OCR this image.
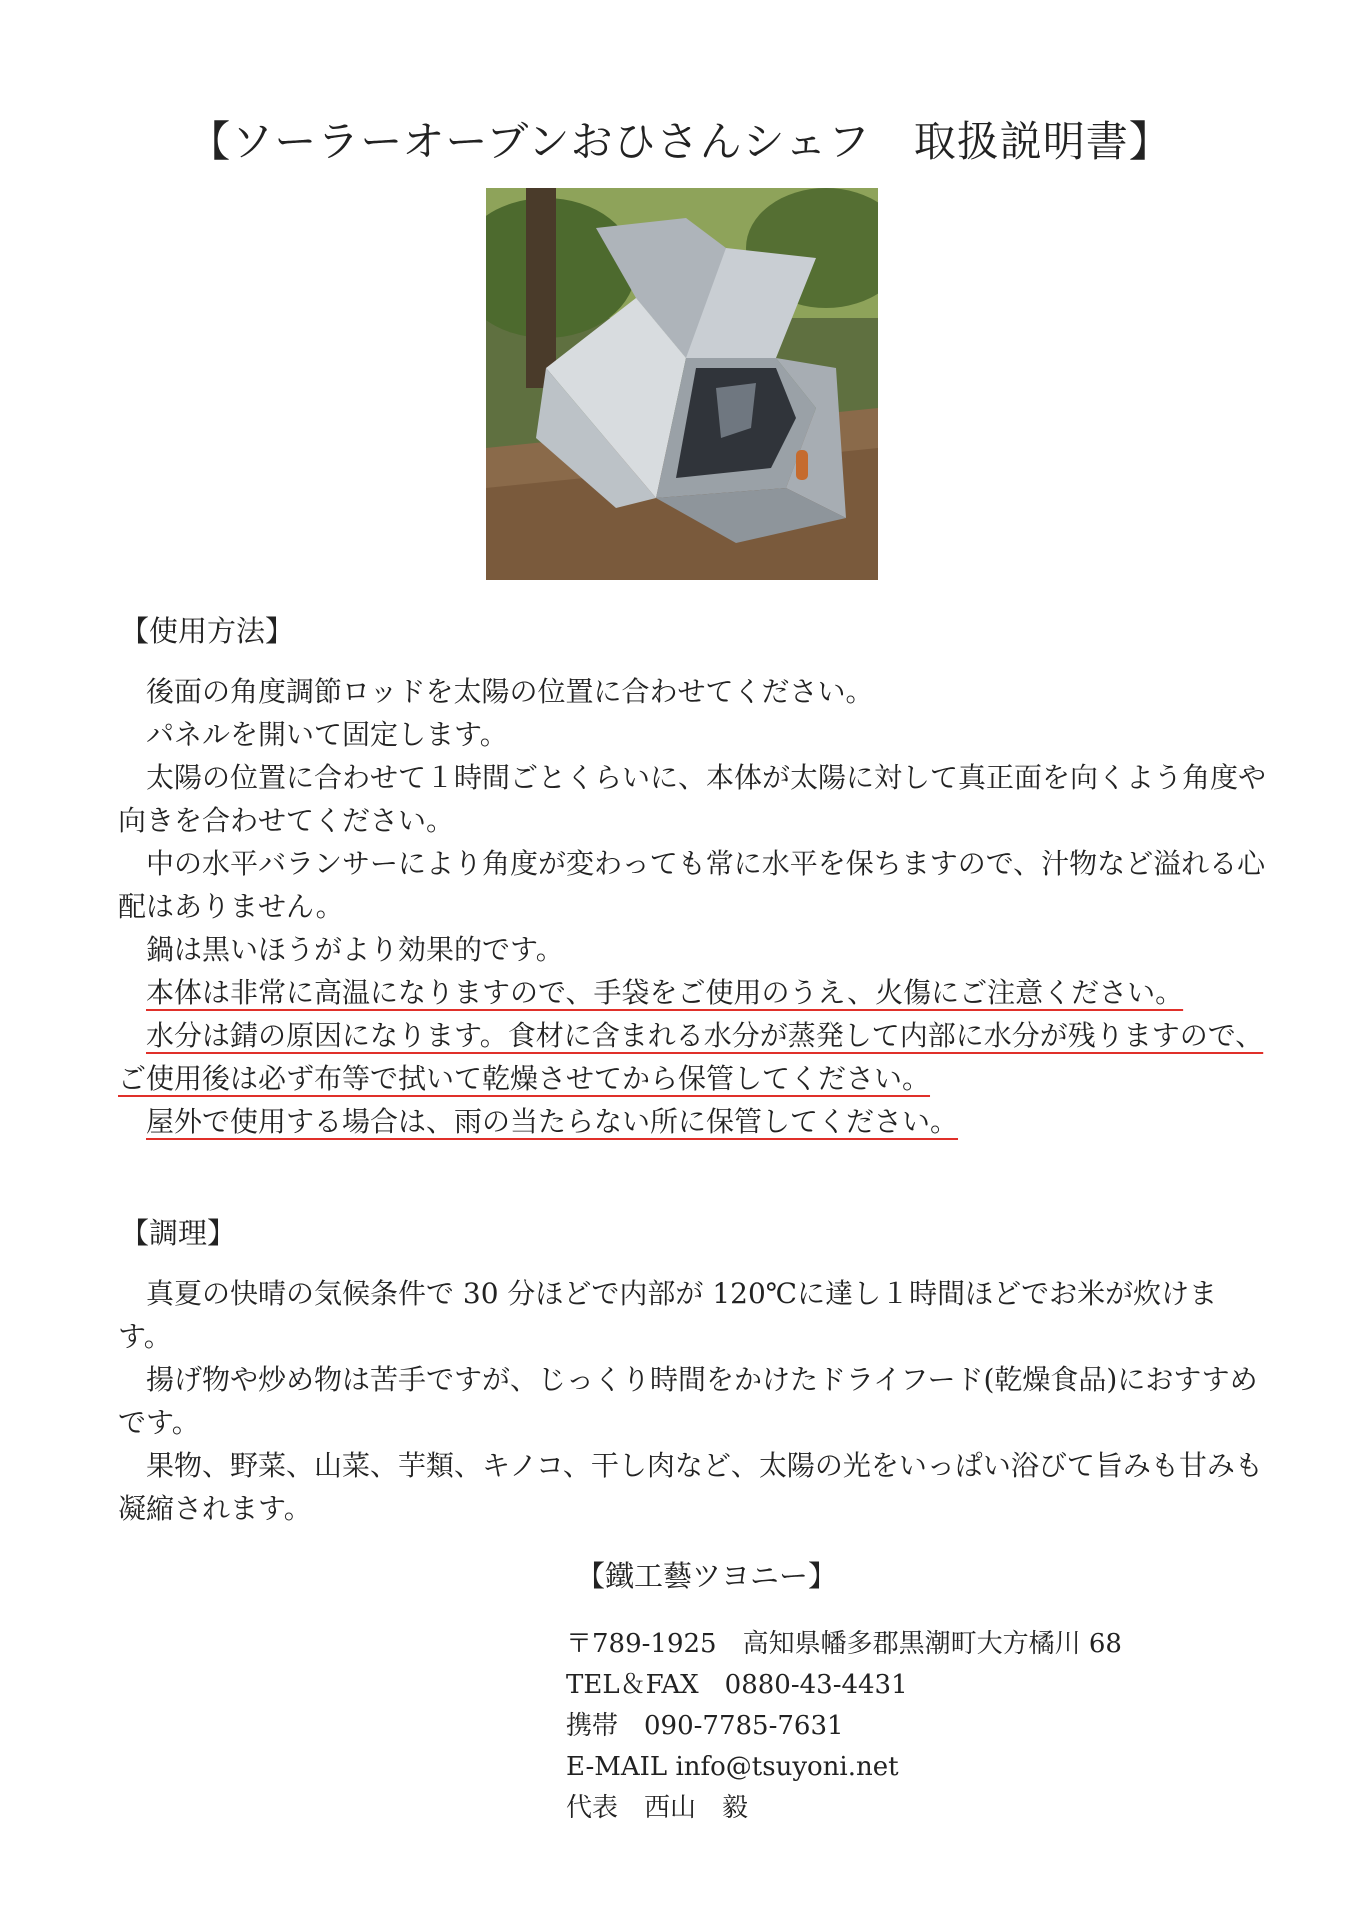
【ソーラーオーブンおひさんシェフ　取扱説明書】
【使用方法】

後面の角度調節ロッドを太陽の位置に合わせてください。

パネルを開いて固定します。

太陽の位置に合わせて１時間ごとくらいに、本体が太陽に対して真正面を向くよう角度や向きを合わせてください。

中の水平バランサーにより角度が変わっても常に水平を保ちますので、汁物など溢れる心配はありません。

鍋は黒いほうがより効果的です。

本体は非常に高温になりますので、手袋をご使用のうえ、火傷にご注意ください。

水分は錆の原因になります。食材に含まれる水分が蒸発して内部に水分が残りますので、ご使用後は必ず布等で拭いて乾燥させてから保管してください。

屋外で使用する場合は、雨の当たらない所に保管してください。

【調理】

真夏の快晴の気候条件で 30 分ほどで内部が 120℃に達し１時間ほどでお米が炊けます。

揚げ物や炒め物は苦手ですが、じっくり時間をかけたドライフード(乾燥食品)におすすめです。

果物、野菜、山菜、芋類、キノコ、干し肉など、太陽の光をいっぱい浴びて旨みも甘みも凝縮されます。

【鐵工藝ツヨニー】

〒789-1925　高知県幡多郡黒潮町大方橘川 68

TEL＆FAX　0880-43-4431

携帯　090-7785-7631

E-MAIL info@tsuyoni.net

代表　西山　毅
